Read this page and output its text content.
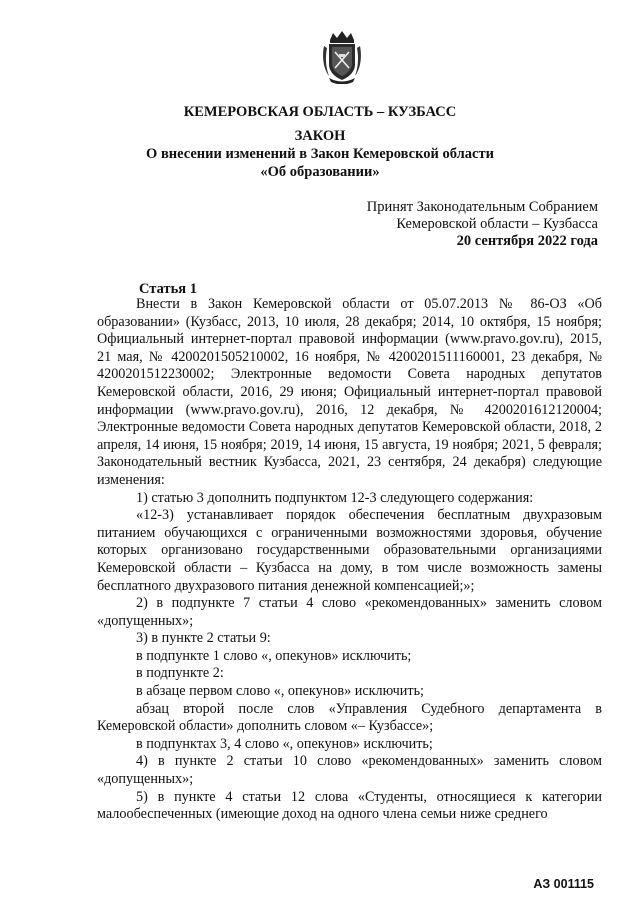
КЕМЕРОВСКАЯ ОБЛАСТЬ – КУЗБАСС
ЗАКОН
О внесении изменений в Закон Кемеровской области
«Об образовании»
Принят Законодательным Собранием
Кемеровской области – Кузбасса
20 сентября 2022 года
Статья 1

Внести в Закон Кемеровской области от 05.07.2013 № 86-ОЗ «Об образовании» (Кузбасс, 2013, 10 июля, 28 декабря; 2014, 10 октября, 15 ноября; Официальный интернет-портал правовой информации (www.pravo.gov.ru), 2015, 21 мая, № 4200201505210002, 16 ноября, № 4200201511160001, 23 декабря, № 4200201512230002; Электронные ведомости Совета народных депутатов Кемеровской области, 2016, 29 июня; Официальный интернет-портал правовой информации (www.pravo.gov.ru), 2016, 12 декабря, № 4200201612120004; Электронные ведомости Совета народных депутатов Кемеровской области, 2018, 2 апреля, 14 июня, 15 ноября; 2019, 14 июня, 15 августа, 19 ноября; 2021, 5 февраля; Законодательный вестник Кузбасса, 2021, 23 сентября, 24 декабря) следующие изменения:

1) статью 3 дополнить подпунктом 12-3 следующего содержания:

«12-3) устанавливает порядок обеспечения бесплатным двухразовым питанием обучающихся с ограниченными возможностями здоровья, обучение которых организовано государственными образовательными организациями Кемеровской области – Кузбасса на дому, в том числе возможность замены бесплатного двухразового питания денежной компенсацией;»;

2) в подпункте 7 статьи 4 слово «рекомендованных» заменить словом «допущенных»;

3) в пункте 2 статьи 9:

в подпункте 1 слово «, опекунов» исключить;

в подпункте 2:

в абзаце первом слово «, опекунов» исключить;

абзац второй после слов «Управления Судебного департамента в Кемеровской области» дополнить словом «– Кузбассе»;

в подпунктах 3, 4 слово «, опекунов» исключить;

4) в пункте 2 статьи 10 слово «рекомендованных» заменить словом «допущенных»;

5) в пункте 4 статьи 12 слова «Студенты, относящиеся к категории малообеспеченных (имеющие доход на одного члена семьи ниже среднего

АЗ 001115
